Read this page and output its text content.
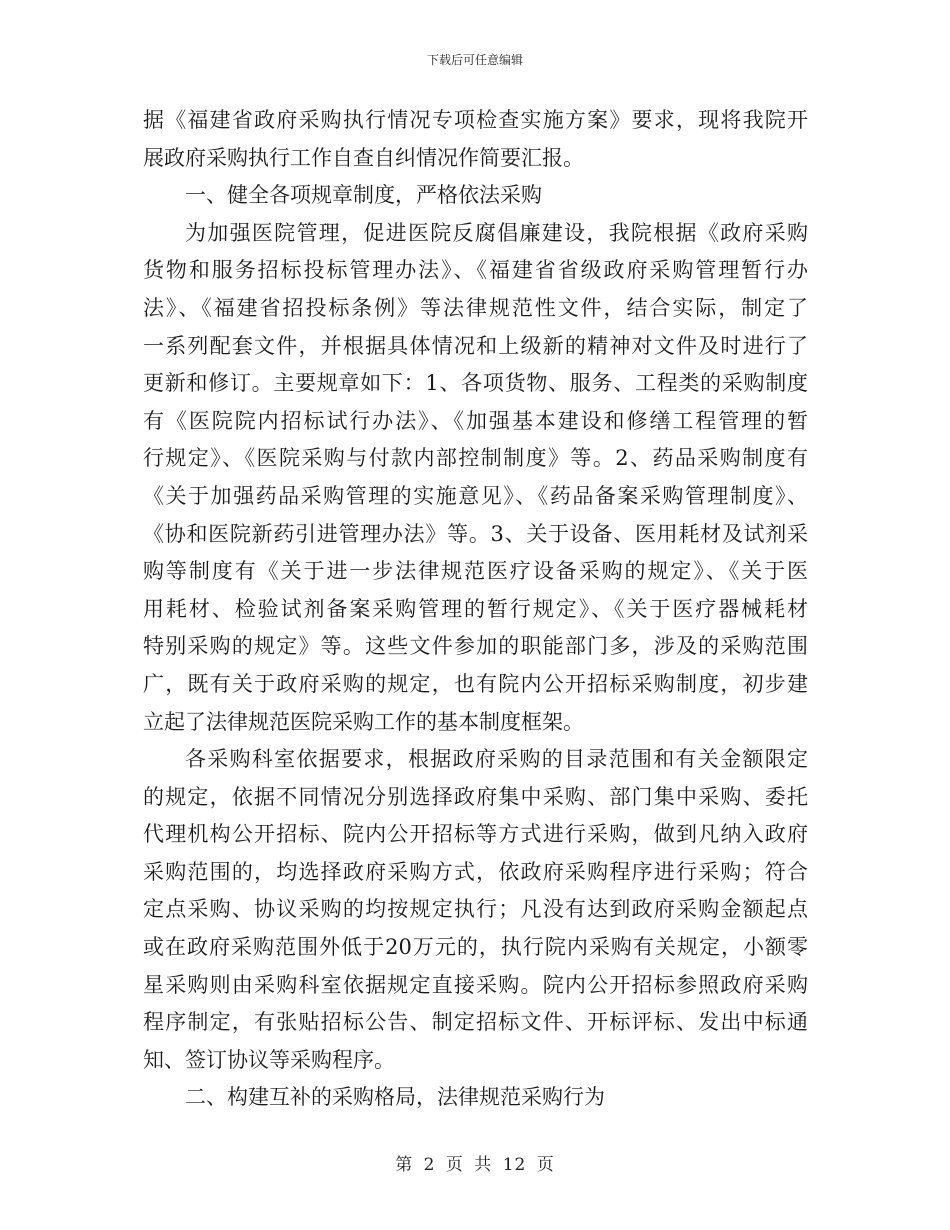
下载后可任意编辑
据《福建省政府采购执行情况专项检查实施方案》要求，现将我院开
展政府采购执行工作自查自纠情况作简要汇报。
一、健全各项规章制度，严格依法采购
为加强医院管理，促进医院反腐倡廉建设，我院根据《政府采购
货物和服务招标投标管理办法》、《福建省省级政府采购管理暂行办
法》、《福建省招投标条例》等法律规范性文件，结合实际，制定了
一系列配套文件，并根据具体情况和上级新的精神对文件及时进行了
更新和修订。主要规章如下：1、各项货物、服务、工程类的采购制度
有《医院院内招标试行办法》、《加强基本建设和修缮工程管理的暂
行规定》、《医院采购与付款内部控制制度》等。2、药品采购制度有
《关于加强药品采购管理的实施意见》、《药品备案采购管理制度》、
《协和医院新药引进管理办法》等。3、关于设备、医用耗材及试剂采
购等制度有《关于进一步法律规范医疗设备采购的规定》、《关于医
用耗材、检验试剂备案采购管理的暂行规定》、《关于医疗器械耗材
特别采购的规定》等。这些文件参加的职能部门多，涉及的采购范围
广，既有关于政府采购的规定，也有院内公开招标采购制度，初步建
立起了法律规范医院采购工作的基本制度框架。
各采购科室依据要求，根据政府采购的目录范围和有关金额限定
的规定，依据不同情况分别选择政府集中采购、部门集中采购、委托
代理机构公开招标、院内公开招标等方式进行采购，做到凡纳入政府
采购范围的，均选择政府采购方式，依政府采购程序进行采购；符合
定点采购、协议采购的均按规定执行；凡没有达到政府采购金额起点
或在政府采购范围外低于20万元的，执行院内采购有关规定，小额零
星采购则由采购科室依据规定直接采购。院内公开招标参照政府采购
程序制定，有张贴招标公告、制定招标文件、开标评标、发出中标通
知、签订协议等采购程序。
二、构建互补的采购格局，法律规范采购行为
第 2 页 共 12 页
